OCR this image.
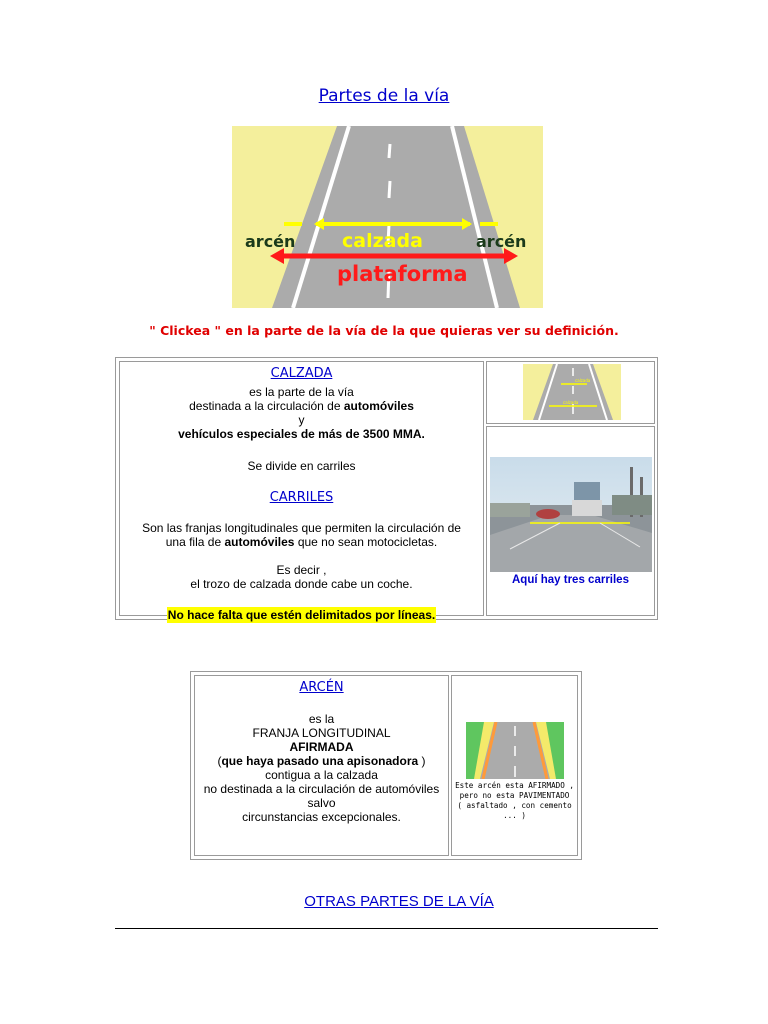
Partes de la vía
arcén calzada	arcén
plataforma
" Clickea " en la parte de la vía de la que quieras ver su definición.
CALZADA
es la parte de la vía
destinada a la circulación de automóviles
y
vehículos especiales de más de 3500 MMA.
Se divide en carriles
CARRILES
Son las franjas longitudinales que permiten la circulación de
una fila de automóviles que no sean motocicletas.
Es decir ,
el trozo de calzada donde cabe un coche.
No hace falta que estén delimitados por líneas.
calzada
calzada
Aquí hay tres carriles
ARCÉN
es la
FRANJA LONGITUDINAL
AFIRMADA
(que haya pasado una apisonadora )
contigua a la calzada
no destinada a la circulación de automóviles
salvo
circunstancias excepcionales.
Este arcén esta AFIRMADO ,
pero no esta PAVIMENTADO
( asfaltado , con cemento ... )
OTRAS PARTES DE LA VÍA
